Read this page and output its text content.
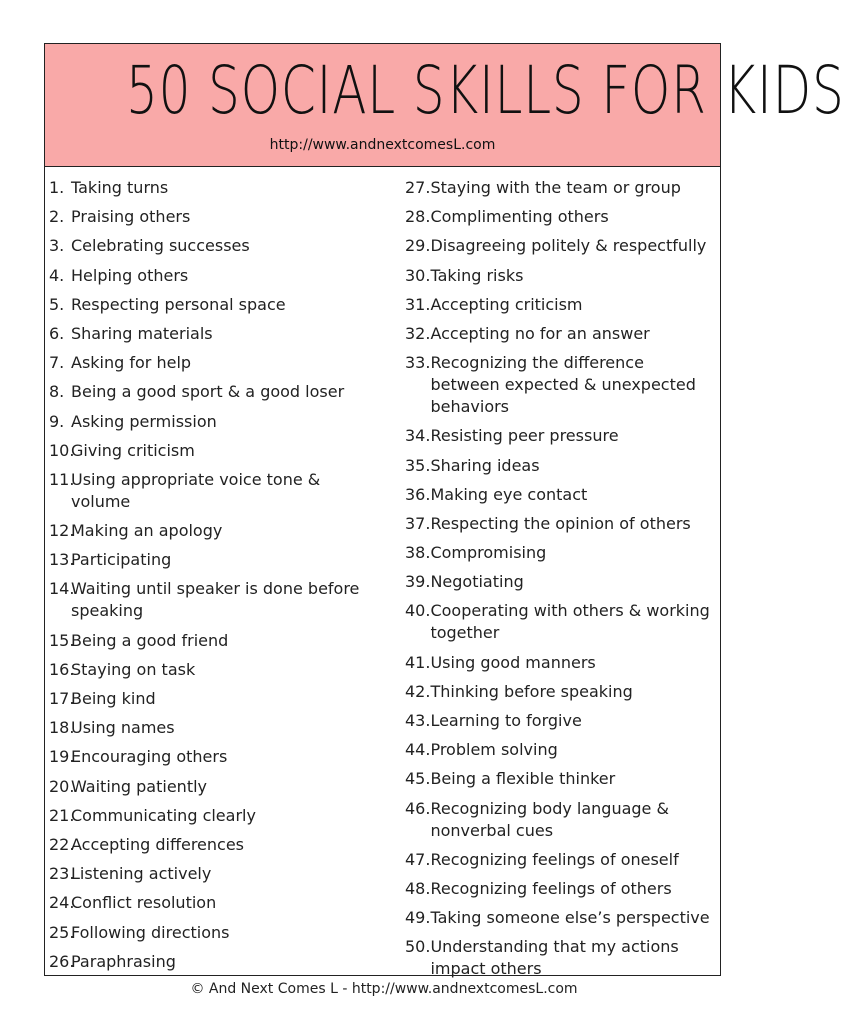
50 SOCIAL SKILLS FOR KIDS
http://www.andnextcomesL.com
1.
Taking turns
2.
Praising others
3.
Celebrating successes
4.
Helping others
5.
Respecting personal space
6.
Sharing materials
7.
Asking for help
8.
Being a good sport & a good loser
9.
Asking permission
10.
Giving criticism
11.
Using appropriate voice tone & volume
12.
Making an apology
13.
Participating
14.
Waiting until speaker is done before speaking
15.
Being a good friend
16.
Staying on task
17.
Being kind
18.
Using names
19.
Encouraging others
20.
Waiting patiently
21.
Communicating clearly
22.
Accepting differences
23.
Listening actively
24.
Conflict resolution
25.
Following directions
26.
Paraphrasing
27. Staying with the team or group
28. Complimenting others
29. Disagreeing politely & respectfully
30. Taking risks
31. Accepting criticism
32. Accepting no for an answer
33. Recognizing the difference between expected & unexpected behaviors
34. Resisting peer pressure
35. Sharing ideas
36. Making eye contact
37. Respecting the opinion of others
38. Compromising
39. Negotiating
40. Cooperating with others & working together
41. Using good manners
42. Thinking before speaking
43. Learning to forgive
44. Problem solving
45. Being a flexible thinker
46. Recognizing body language & nonverbal cues
47. Recognizing feelings of oneself
48. Recognizing feelings of others
49. Taking someone else’s perspective
50. Understanding that my actions impact others
© And Next Comes L - http://www.andnextcomesL.com
